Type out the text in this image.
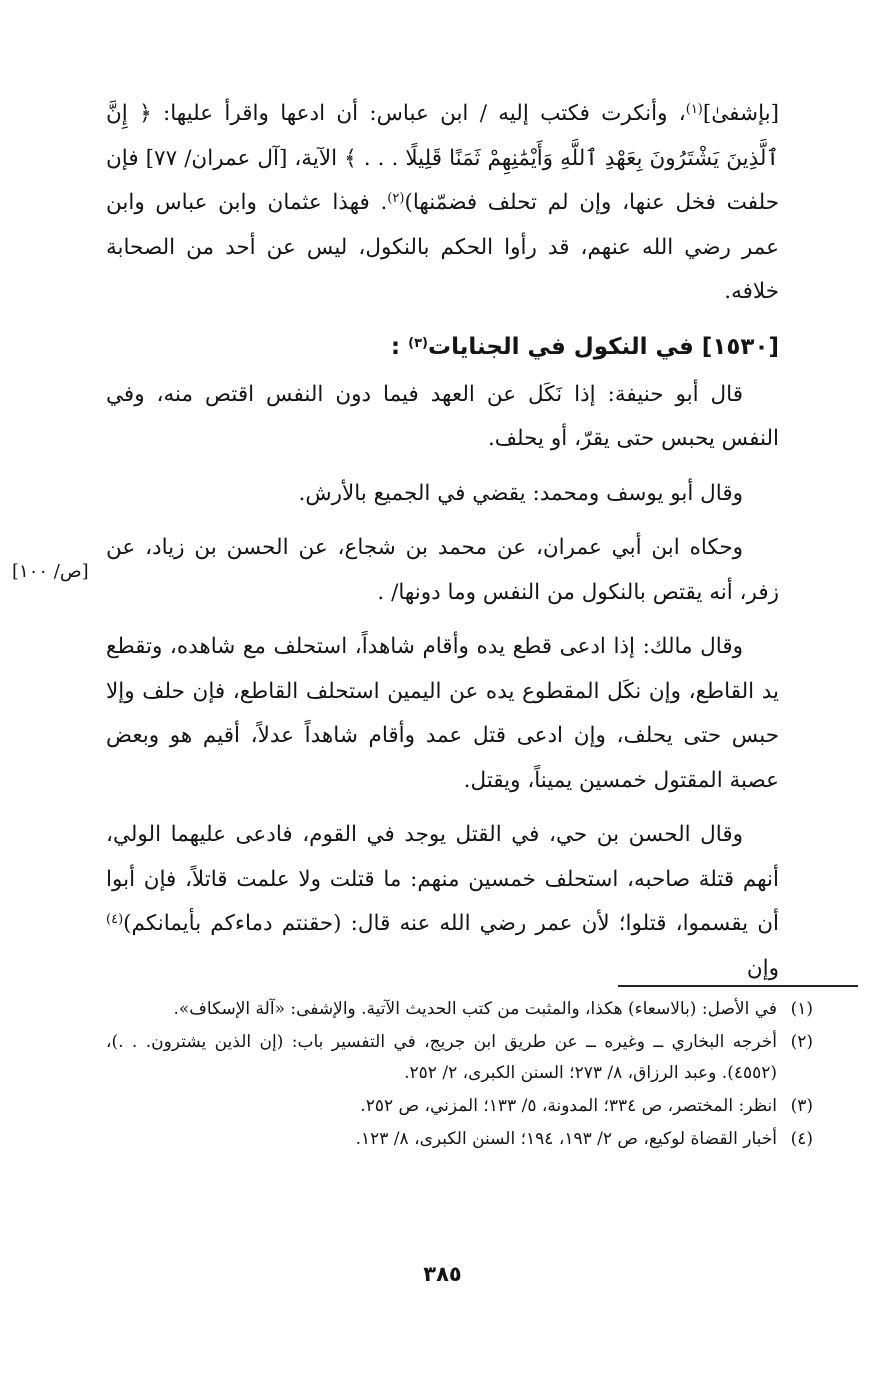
[بإشفىٰ]$^{(١)}$، وأنكرت فكتب إليه / ابن عباس: أن ادعها واقرأ عليها: ﴿ إِنَّ ٱلَّذِينَ يَشْتَرُونَ بِعَهْدِ ٱللَّهِ وَأَيْمَٰنِهِمْ ثَمَنًا قَلِيلًا . . . ﴾ الآية، [آل عمران/ ٧٧] فإن حلفت فخل عنها، وإن لم تحلف فضمّنها)$^{(٢)}$. فهذا عثمان وابن عباس وابن عمر رضي الله عنهم، قد رأوا الحكم بالنكول، ليس عن أحد من الصحابة خلافه.

[١٥٣٠] في النكول في الجنايات$^{(٣)}$ :

قال أبو حنيفة: إذا نَكَل عن العهد فيما دون النفس اقتص منه، وفي النفس يحبس حتى يقرّ، أو يحلف.

وقال أبو يوسف ومحمد: يقضي في الجميع بالأرش.

وحكاه ابن أبي عمران، عن محمد بن شجاع، عن الحسن بن زياد، عن زفر، أنه يقتص بالنكول من النفس وما دونها/ .

وقال مالك: إذا ادعى قطع يده وأقام شاهداً، استحلف مع شاهده، وتقطع يد القاطع، وإن نكَل المقطوع يده عن اليمين استحلف القاطع، فإن حلف وإلا حبس حتى يحلف، وإن ادعى قتل عمد وأقام شاهداً عدلاً، أقيم هو وبعض عصبة المقتول خمسين يميناً، ويقتل.

وقال الحسن بن حي، في القتل يوجد في القوم، فادعى عليهما الولي، أنهم قتلة صاحبه، استحلف خمسين منهم: ما قتلت ولا علمت قاتلاً، فإن أبوا أن يقسموا، قتلوا؛ لأن عمر رضي الله عنه قال: (حقنتم دماءكم بأيمانكم)$^{(٤)}$ وإن

[ص/ ١٠٠]
(١)
في الأصل: (بالاسعاء) هكذا، والمثبت من كتب الحديث الآتية. والإشفى: «آلة الإسكاف».
(٢)
أخرجه البخاري ــ وغيره ــ عن طريق ابن جريج، في التفسير باب: (إن الذين يشترون. . .)، (٤٥٥٢). وعبد الرزاق، ٨/ ٢٧٣؛ السنن الكبرى، ٢/ ٢٥٢.
(٣)
انظر: المختصر، ص ٣٣٤؛ المدونة، ٥/ ١٣٣؛ المزني، ص ٢٥٢.
(٤)
أخبار القضاة لوكيع، ص ٢/ ١٩٣، ١٩٤؛ السنن الكبرى، ٨/ ١٢٣.
٣٨٥
